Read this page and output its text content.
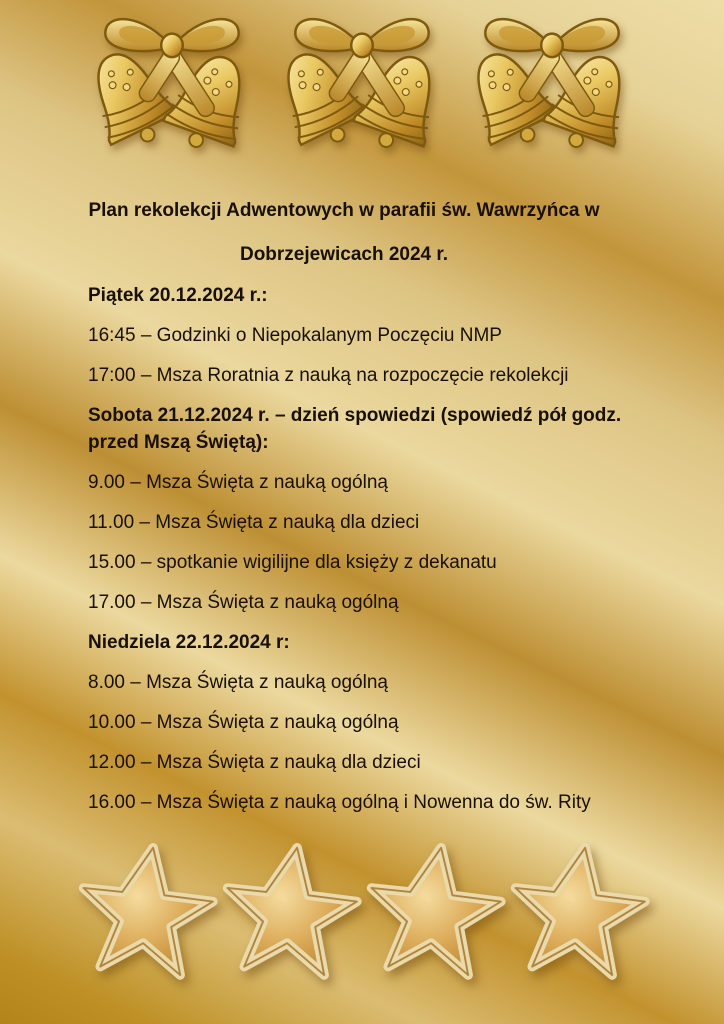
Plan rekolekcji Adwentowych w parafii św. Wawrzyńca w
Dobrzejewicach 2024 r.

Piątek 20.12.2024 r.:

16:45 – Godzinki o Niepokalanym Poczęciu NMP

17:00 – Msza Roratnia z nauką na rozpoczęcie rekolekcji

Sobota 21.12.2024 r. – dzień spowiedzi (spowiedź pół godz. przed Mszą Świętą):

9.00 – Msza Święta z nauką ogólną

11.00 – Msza Święta z nauką dla dzieci

15.00 – spotkanie wigilijne dla księży z dekanatu

17.00 – Msza Święta z nauką ogólną

Niedziela 22.12.2024 r:

8.00 – Msza Święta z nauką ogólną

10.00 – Msza Święta z nauką ogólną

12.00 – Msza Święta z nauką dla dzieci

16.00 – Msza Święta z nauką ogólną i Nowenna do św. Rity
